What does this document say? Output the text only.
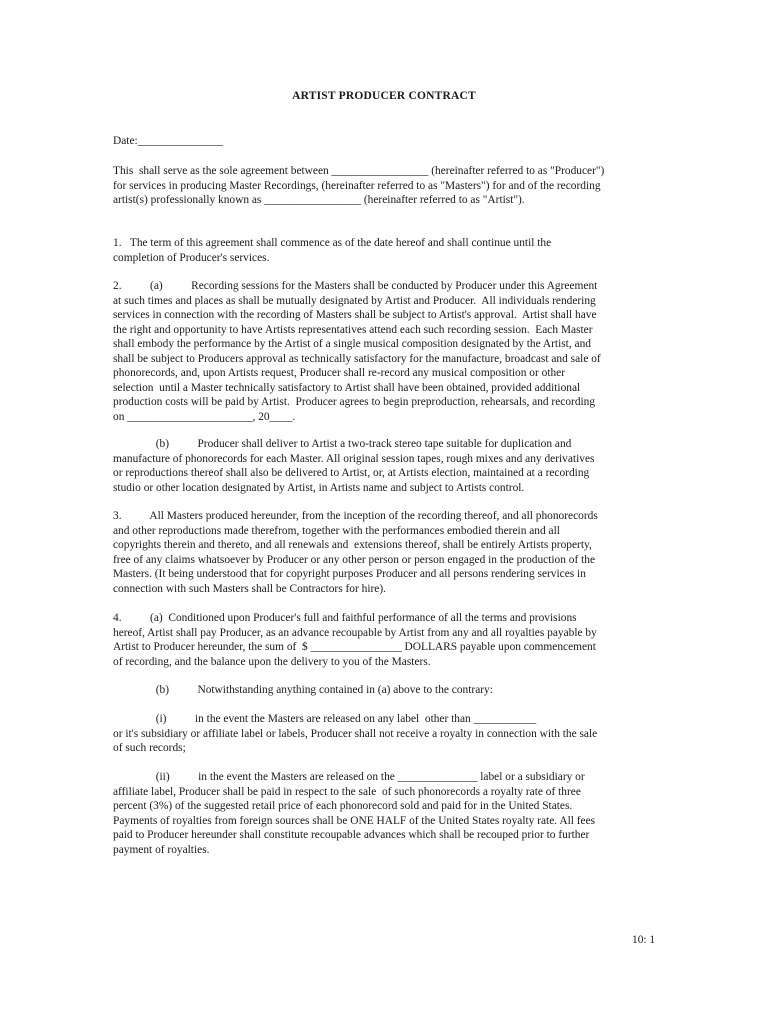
ARTIST PRODUCER CONTRACT
Date:_______________
This  shall serve as the sole agreement between _________________ (hereinafter referred to as "Producer")
for services in producing Master Recordings, (hereinafter referred to as "Masters") for and of the recording
artist(s) professionally known as _________________ (hereinafter referred to as "Artist").
1.   The term of this agreement shall commence as of the date hereof and shall continue until the
completion of Producer's services.
2.          (a)          Recording sessions for the Masters shall be conducted by Producer under this Agreement
at such times and places as shall be mutually designated by Artist and Producer.  All individuals rendering
services in connection with the recording of Masters shall be subject to Artist's approval.  Artist shall have
the right and opportunity to have Artists representatives attend each such recording session.  Each Master
shall embody the performance by the Artist of a single musical composition designated by the Artist, and
shall be subject to Producers approval as technically satisfactory for the manufacture, broadcast and sale of
phonorecords, and, upon Artists request, Producer shall re-record any musical composition or other
selection  until a Master technically satisfactory to Artist shall have been obtained, provided additional
production costs will be paid by Artist.  Producer agrees to begin preproduction, rehearsals, and recording
on ______________________, 20____.
(b)          Producer shall deliver to Artist a two-track stereo tape suitable for duplication and
manufacture of phonorecords for each Master. All original session tapes, rough mixes and any derivatives
or reproductions thereof shall also be delivered to Artist, or, at Artists election, maintained at a recording
studio or other location designated by Artist, in Artists name and subject to Artists control.
3.          All Masters produced hereunder, from the inception of the recording thereof, and all phonorecords
and other reproductions made therefrom, together with the performances embodied therein and all
copyrights therein and thereto, and all renewals and  extensions thereof, shall be entirely Artists property,
free of any claims whatsoever by Producer or any other person or person engaged in the production of the
Masters. (It being understood that for copyright purposes Producer and all persons rendering services in
connection with such Masters shall be Contractors for hire).
4.          (a)  Conditioned upon Producer's full and faithful performance of all the terms and provisions
hereof, Artist shall pay Producer, as an advance recoupable by Artist from any and all royalties payable by
Artist to Producer hereunder, the sum of  $ ________________ DOLLARS payable upon commencement
of recording, and the balance upon the delivery to you of the Masters.
(b)          Notwithstanding anything contained in (a) above to the contrary:
(i)          in the event the Masters are released on any label  other than ___________
or it's subsidiary or affiliate label or labels, Producer shall not receive a royalty in connection with the sale
of such records;
(ii)          in the event the Masters are released on the ______________ label or a subsidiary or
affiliate label, Producer shall be paid in respect to the sale  of such phonorecords a royalty rate of three
percent (3%) of the suggested retail price of each phonorecord sold and paid for in the United States.
Payments of royalties from foreign sources shall be ONE HALF of the United States royalty rate. All fees
paid to Producer hereunder shall constitute recoupable advances which shall be recouped prior to further
payment of royalties.
10: 1
